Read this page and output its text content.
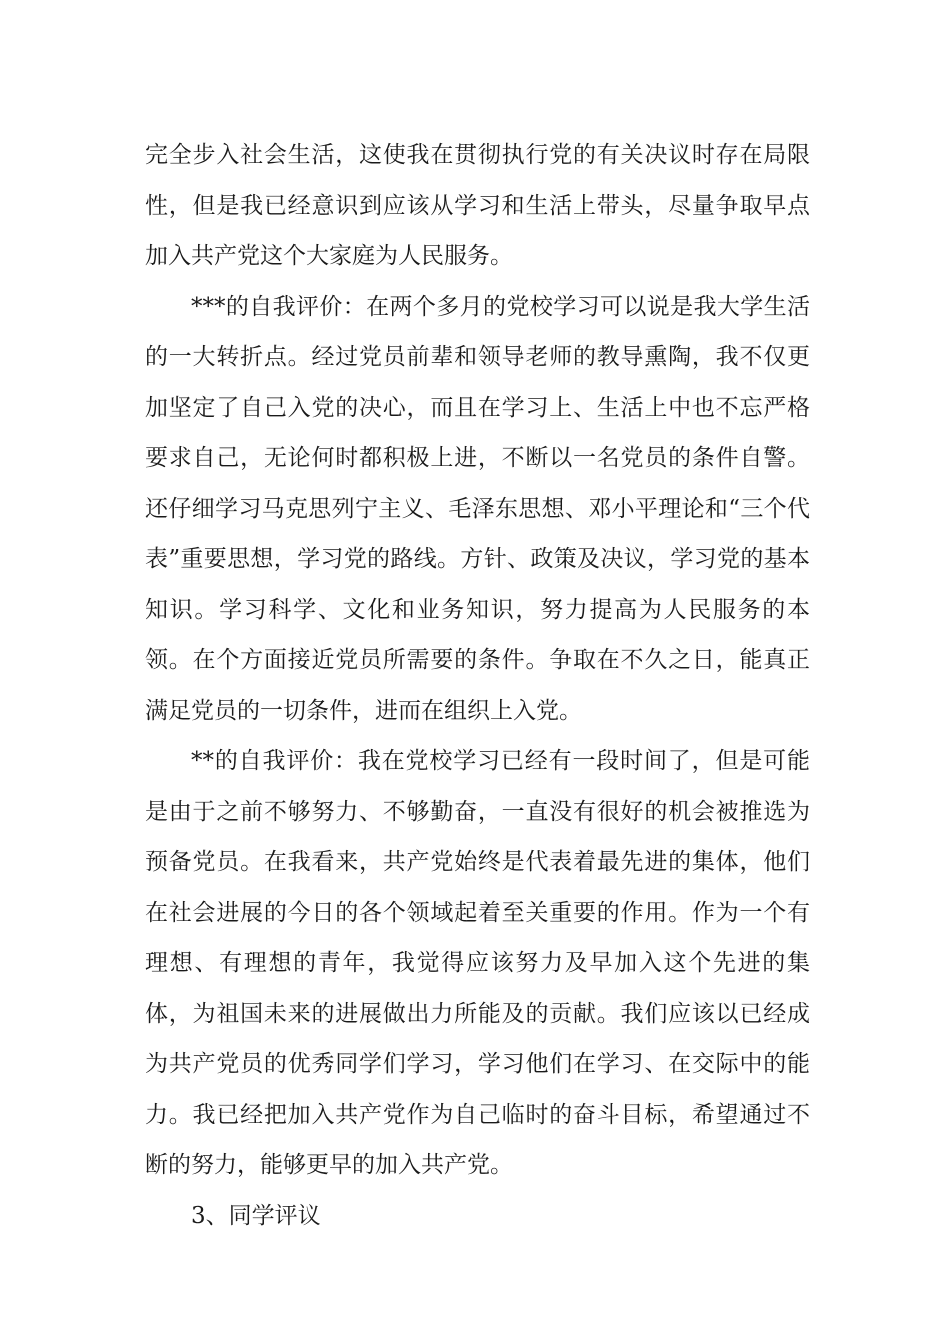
完全步入社会生活，这使我在贯彻执行党的有关决议时存在局限性，但是我已经意识到应该从学习和生活上带头，尽量争取早点加入共产党这个大家庭为人民服务。

***的自我评价：在两个多月的党校学习可以说是我大学生活的一大转折点。经过党员前辈和领导老师的教导熏陶，我不仅更加坚定了自己入党的决心，而且在学习上、生活上中也不忘严格要求自己，无论何时都积极上进，不断以一名党员的条件自警。还仔细学习马克思列宁主义、毛泽东思想、邓小平理论和“三个代表”重要思想，学习党的路线。方针、政策及决议，学习党的基本知识。学习科学、文化和业务知识，努力提高为人民服务的本领。在个方面接近党员所需要的条件。争取在不久之日，能真正满足党员的一切条件，进而在组织上入党。

**的自我评价：我在党校学习已经有一段时间了，但是可能是由于之前不够努力、不够勤奋，一直没有很好的机会被推选为预备党员。在我看来，共产党始终是代表着最先进的集体，他们在社会进展的今日的各个领域起着至关重要的作用。作为一个有理想、有理想的青年，我觉得应该努力及早加入这个先进的集体，为祖国未来的进展做出力所能及的贡献。我们应该以已经成为共产党员的优秀同学们学习，学习他们在学习、在交际中的能力。我已经把加入共产党作为自己临时的奋斗目标，希望通过不断的努力，能够更早的加入共产党。

3、同学评议
